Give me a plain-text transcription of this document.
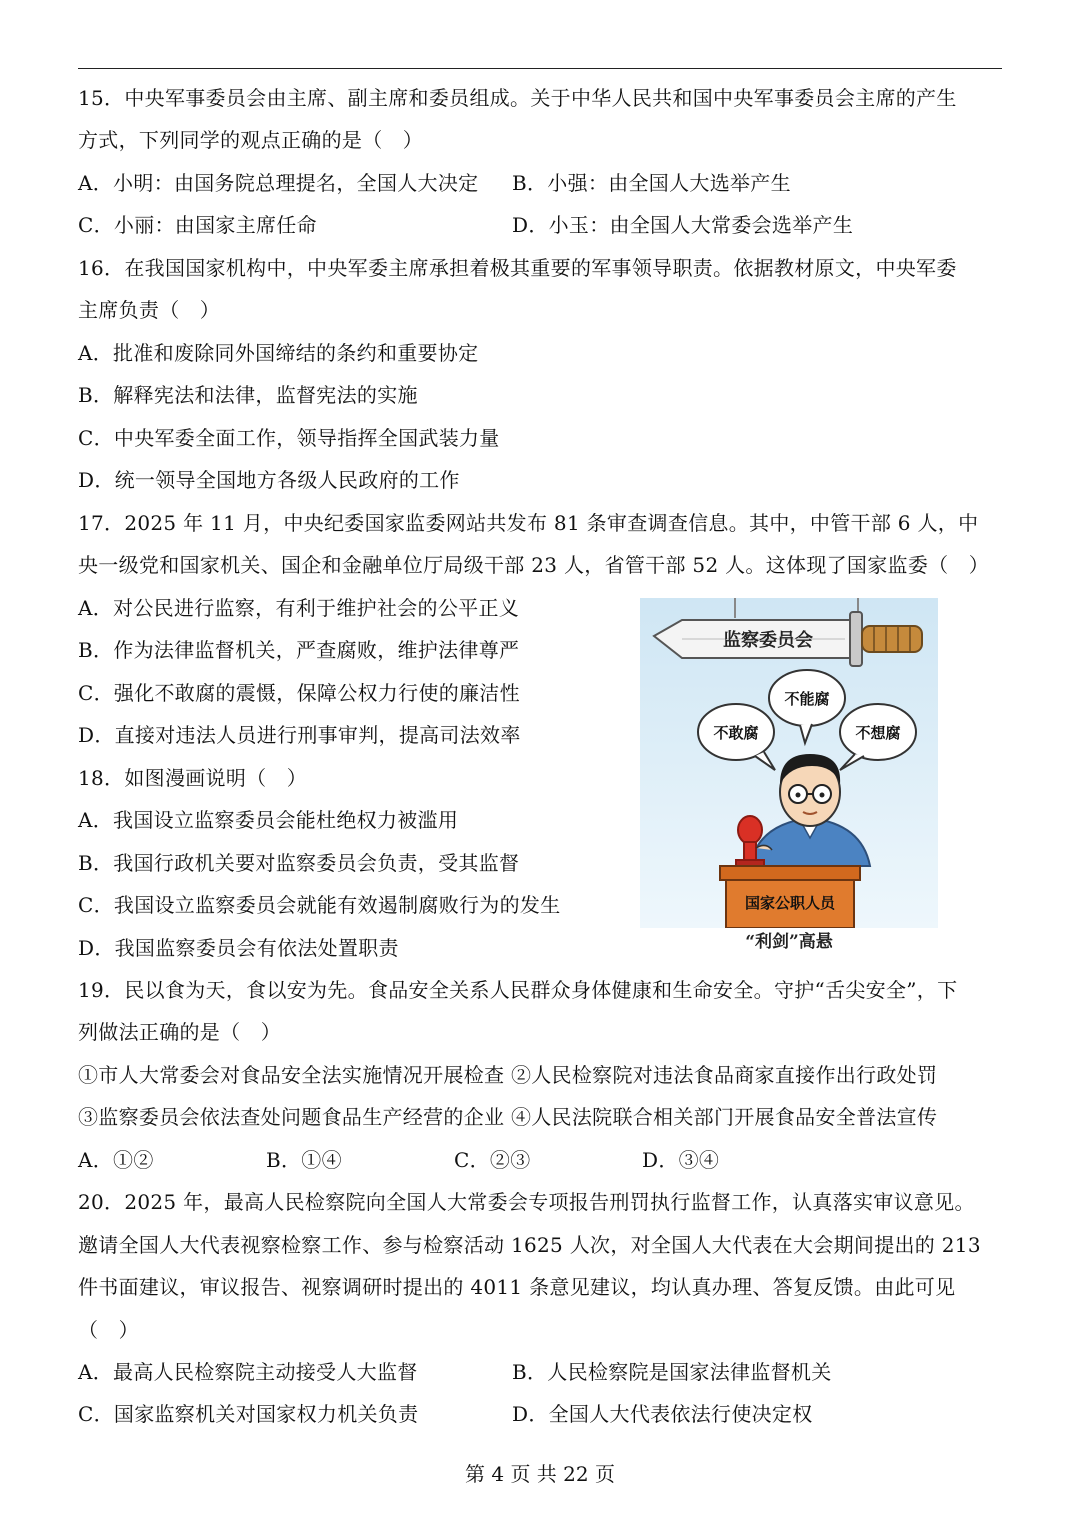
15．中央军事委员会由主席、副主席和委员组成。关于中华人民共和国中央军事委员会主席的产生
方式，下列同学的观点正确的是（　）
A．小明：由国务院总理提名，全国人大决定 B．小强：由全国人大选举产生
C．小丽：由国家主席任命	D．小玉：由全国人大常委会选举产生
16．在我国国家机构中，中央军委主席承担着极其重要的军事领导职责。依据教材原文，中央军委
主席负责（　）
A．批准和废除同外国缔结的条约和重要协定
B．解释宪法和法律，监督宪法的实施
C．中央军委全面工作，领导指挥全国武装力量
D．统一领导全国地方各级人民政府的工作
17．2025 年 11 月，中央纪委国家监委网站共发布 81 条审查调查信息。其中，中管干部 6 人，中
央一级党和国家机关、国企和金融单位厅局级干部 23 人，省管干部 52 人。这体现了国家监委（　）
A．对公民进行监察，有利于维护社会的公平正义
B．作为法律监督机关，严查腐败，维护法律尊严
C．强化不敢腐的震慑，保障公权力行使的廉洁性
D．直接对违法人员进行刑事审判，提高司法效率
18．如图漫画说明（　）
A．我国设立监察委员会能杜绝权力被滥用
B．我国行政机关要对监察委员会负责，受其监督
C．我国设立监察委员会就能有效遏制腐败行为的发生
D．我国监察委员会有依法处置职责
监察委员会
不能腐
不敢腐	不想腐
国家公职人员
“利剑”高悬
19．民以食为天，食以安为先。食品安全关系人民群众身体健康和生命安全。守护“舌尖安全”，下
列做法正确的是（　）
①市人大常委会对食品安全法实施情况开展检查 ②人民检察院对违法食品商家直接作出行政处罚
③监察委员会依法查处问题食品生产经营的企业 ④人民法院联合相关部门开展食品安全普法宣传
A．①②	B．①④	C．②③	D．③④
20．2025 年，最高人民检察院向全国人大常委会专项报告刑罚执行监督工作，认真落实审议意见。
邀请全国人大代表视察检察工作、参与检察活动 1625 人次，对全国人大代表在大会期间提出的 213
件书面建议，审议报告、视察调研时提出的 4011 条意见建议，均认真办理、答复反馈。由此可见
（　）
A．最高人民检察院主动接受人大监督	B．人民检察院是国家法律监督机关
C．国家监察机关对国家权力机关负责	D．全国人大代表依法行使决定权
第 4 页 共 22 页
